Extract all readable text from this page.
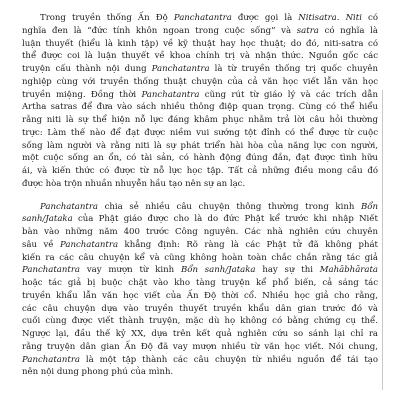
Trong truyền thống Ấn Độ Panchatantra được gọi là Nitisatra. Niti có
nghĩa đen là “đức tính khôn ngoan trong cuộc sống” và satra có nghĩa là
luận thuyết (hiểu là kinh tập) về kỹ thuật hay học thuật; do đó, niti-satra có
thể được coi là luận thuyết về khoa chính trị và nhận thức. Nguồn gốc các
truyện cấu thành nội dung Panchatantra là từ truyền thống trị quốc chuyên
nghiệp cùng với truyền thống thuật chuyện của cả văn học viết lẫn văn học
truyền miệng. Đồng thời Panchatantra cũng rút từ giáo lý và các trích dẫn
Artha satras để đưa vào sách nhiều thông điệp quan trọng. Cùng có thể hiểu
rằng niti là sự thể hiện nỗ lực đáng khâm phục nhằm trả lời câu hỏi thường
trực: Làm thế nào để đạt được niềm vui sướng tột đỉnh có thể được từ cuộc
sống làm người và rằng niti là sự phát triển hài hòa của năng lực con người,
một cuộc sống an ổn, có tài sản, có hành động đúng đắn, đạt được tình hữu
ái, và kiến thức có được từ nỗ lực học tập. Tất cả những điều mong cầu đó
được hòa trộn nhuần nhuyễn hầu tạo nên sự an lạc.
Panchatantra chia sẻ nhiều câu chuyện thông thường trong kinh Bổn
sanh/Jataka của Phật giáo được cho là do đức Phật kể trước khi nhập Niết
bàn vào những năm 400 trước Công nguyên. Các nhà nghiên cứu chuyên
sâu về Panchatantra khẳng định: Rõ ràng là các Phật tử đã không phát
kiến ra các câu chuyện kể và cũng không hoàn toàn chắc chắn rằng tác giả
Panchatantra vay mượn từ kinh Bổn sanh/Jataka hay sự thi Mahābhārata
hoặc tác giả bị buộc chặt vào kho tàng truyện kể phổ biến, cả sáng tác
truyền khẩu lẫn văn học viết của Ấn Độ thời cổ. Nhiều học giả cho rằng,
các câu chuyện dựa vào truyền thuyết truyền khẩu dân gian trước đó và
cuối cùng được viết thành truyện, mặc dù họ không có bằng chứng cụ thể.
Ngược lại, đầu thế kỷ XX, dựa trên kết quả nghiên cứu so sánh lại chỉ ra
rằng truyện dân gian Ấn Độ đã vay mượn nhiều từ văn học viết. Nói chung,
Panchatantra là một tập thành các câu chuyện từ nhiều nguồn để tái tạo
nên nội dung phong phú của mình.
